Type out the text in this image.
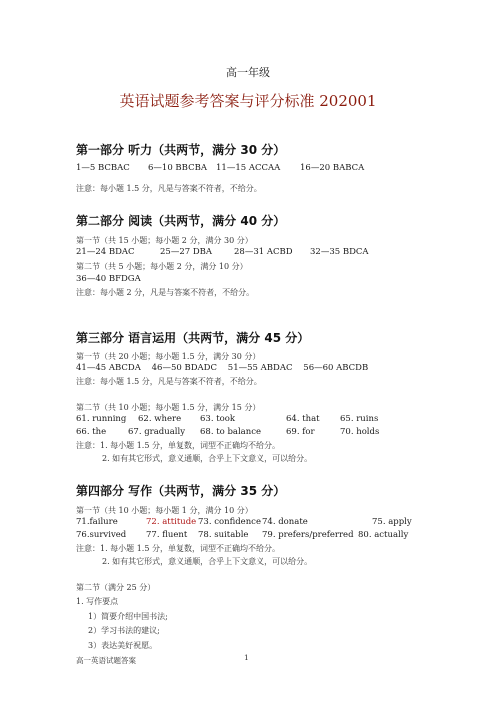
高一年级
英语试题参考答案与评分标准 202001
第一部分 听力（共两节，满分 30 分）
1—5 BCBAC 6—10 BBCBA 11—15 ACCAA 16—20 BABCA
注意：每小题 1.5 分，凡是与答案不符者，不给分。
第二部分 阅读（共两节，满分 40 分）
第一节（共 15 小题；每小题 2 分，满分 30 分）
21—24 BDAC	25—27 DBA	28—31 ACBD 32—35 BDCA
第二节（共 5 小题；每小题 2 分，满分 10 分）
36—40 BFDGA
注意：每小题 2 分，凡是与答案不符者，不给分。
第三部分 语言运用（共两节，满分 45 分）
第一节（共 20 小题；每小题 1.5 分，满分 30 分）
41—45 ABCDA    46—50 BDADC    51—55 ABDAC    56—60 ABCDB
注意：每小题 1.5 分，凡是与答案不符者，不给分。
第二节（共 10 小题；每小题 1.5 分，满分 15 分）
61. running 62. where 63. took	64. that 65. ruins
66. the	67. gradually 68. to balance	69. for	70. holds
注意：1. 每小题 1.5 分，单复数，词型不正确均不给分。
2. 如有其它形式，意义通顺，合乎上下文意义，可以给分。
第四部分 写作（共两节，满分 35 分）
第一节（共 10 小题；每小题 1 分，满分 10 分）
71.failure	72. attitude 73. confidence 74. donate	75. apply
76.survived 77. fluent 78. suitable 79. prefers/preferred 80. actually
注意：1. 每小题 1.5 分，单复数，词型不正确均不给分。
2. 如有其它形式，意义通顺，合乎上下文意义，可以给分。
第二节（满分 25 分）
1. 写作要点
1）简要介绍中国书法;
2）学习书法的建议;
3）表达美好祝愿。
高一英语试题答案	1
